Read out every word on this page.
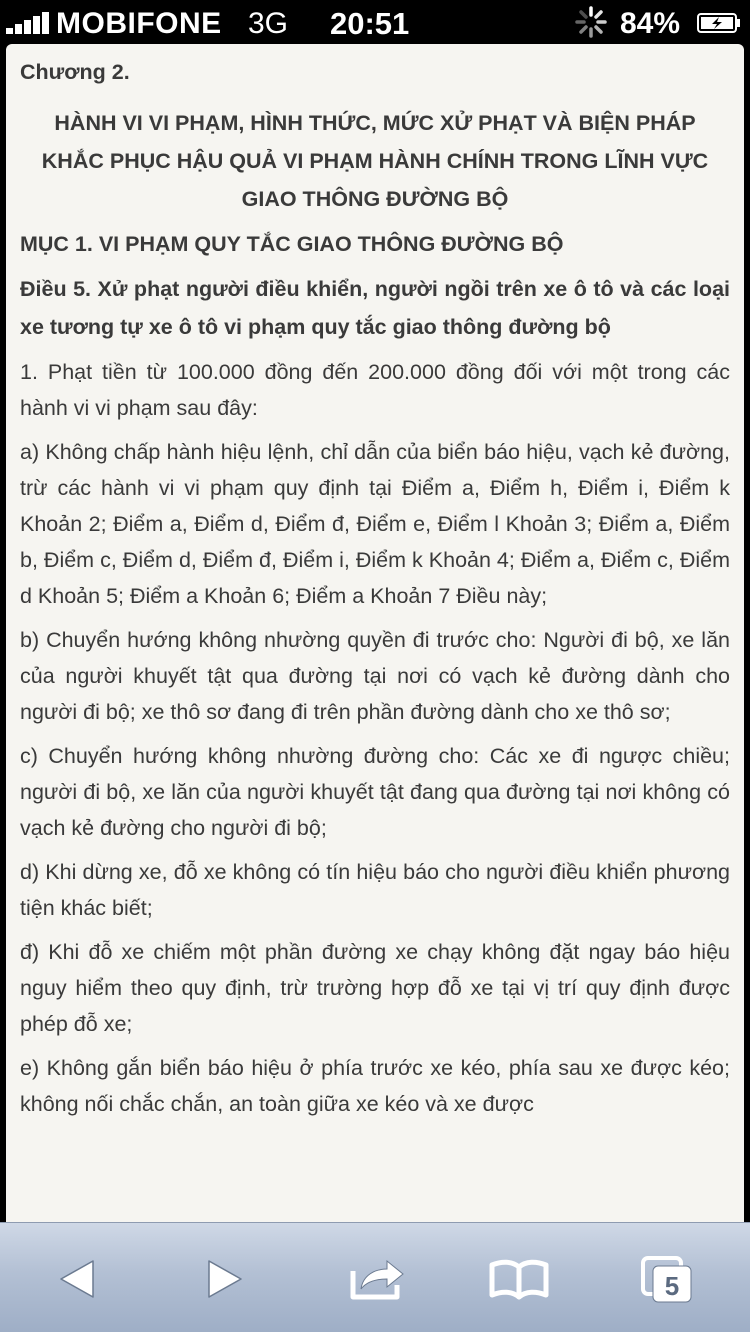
MOBIFONE 3G 20:51	84%

Chương 2.

HÀNH VI VI PHẠM, HÌNH THỨC, MỨC XỬ PHẠT VÀ BIỆN PHÁP KHẮC PHỤC HẬU QUẢ VI PHẠM HÀNH CHÍNH TRONG LĨNH VỰC GIAO THÔNG ĐƯỜNG BỘ

MỤC 1. VI PHẠM QUY TẮC GIAO THÔNG ĐƯỜNG BỘ

Điều 5. Xử phạt người điều khiển, người ngồi trên xe ô tô và các loại xe tương tự xe ô tô vi phạm quy tắc giao thông đường bộ

1. Phạt tiền từ 100.000 đồng đến 200.000 đồng đối với một trong các hành vi vi phạm sau đây:

a) Không chấp hành hiệu lệnh, chỉ dẫn của biển báo hiệu, vạch kẻ đường, trừ các hành vi vi phạm quy định tại Điểm a, Điểm h, Điểm i, Điểm k Khoản 2; Điểm a, Điểm d, Điểm đ, Điểm e, Điểm l Khoản 3; Điểm a, Điểm b, Điểm c, Điểm d, Điểm đ, Điểm i, Điểm k Khoản 4; Điểm a, Điểm c, Điểm d Khoản 5; Điểm a Khoản 6; Điểm a Khoản 7 Điều này;

b) Chuyển hướng không nhường quyền đi trước cho: Người đi bộ, xe lăn của người khuyết tật qua đường tại nơi có vạch kẻ đường dành cho người đi bộ; xe thô sơ đang đi trên phần đường dành cho xe thô sơ;

c) Chuyển hướng không nhường đường cho: Các xe đi ngược chiều; người đi bộ, xe lăn của người khuyết tật đang qua đường tại nơi không có vạch kẻ đường cho người đi bộ;

d) Khi dừng xe, đỗ xe không có tín hiệu báo cho người điều khiển phương tiện khác biết;

đ) Khi đỗ xe chiếm một phần đường xe chạy không đặt ngay báo hiệu nguy hiểm theo quy định, trừ trường hợp đỗ xe tại vị trí quy định được phép đỗ xe;

e) Không gắn biển báo hiệu ở phía trước xe kéo, phía sau xe được kéo; không nối chắc chắn, an toàn giữa xe kéo và xe được

5
